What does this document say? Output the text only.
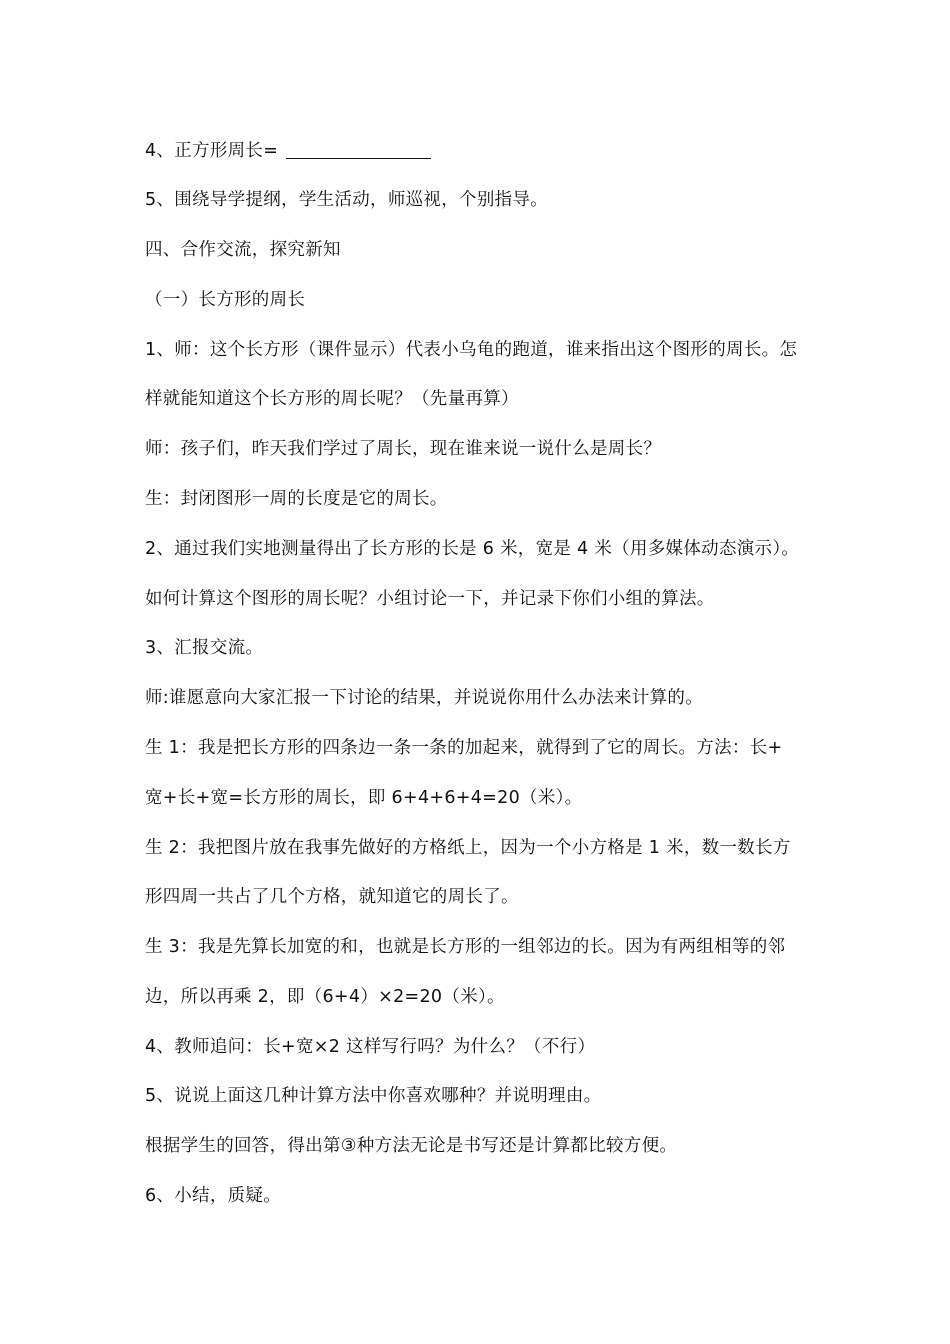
4、正方形周长=
5、围绕导学提纲，学生活动，师巡视，个别指导。
四、合作交流，探究新知
（一）长方形的周长
1、师：这个长方形（课件显示）代表小乌龟的跑道，谁来指出这个图形的周长。怎
样就能知道这个长方形的周长呢？（先量再算）
师：孩子们，昨天我们学过了周长，现在谁来说一说什么是周长？
生：封闭图形一周的长度是它的周长。
2、通过我们实地测量得出了长方形的长是 6 米，宽是 4 米（用多媒体动态演示）。
如何计算这个图形的周长呢？小组讨论一下，并记录下你们小组的算法。
3、汇报交流。
师:谁愿意向大家汇报一下讨论的结果，并说说你用什么办法来计算的。
生 1：我是把长方形的四条边一条一条的加起来，就得到了它的周长。方法：长+
宽+长+宽=长方形的周长，即 6+4+6+4=20（米）。
生 2：我把图片放在我事先做好的方格纸上，因为一个小方格是 1 米，数一数长方
形四周一共占了几个方格，就知道它的周长了。
生 3：我是先算长加宽的和，也就是长方形的一组邻边的长。因为有两组相等的邻
边，所以再乘 2，即（6+4）×2=20（米）。
4、教师追问：长+宽×2 这样写行吗？为什么？（不行）
5、说说上面这几种计算方法中你喜欢哪种？并说明理由。
根据学生的回答，得出第③种方法无论是书写还是计算都比较方便。
6、小结，质疑。
